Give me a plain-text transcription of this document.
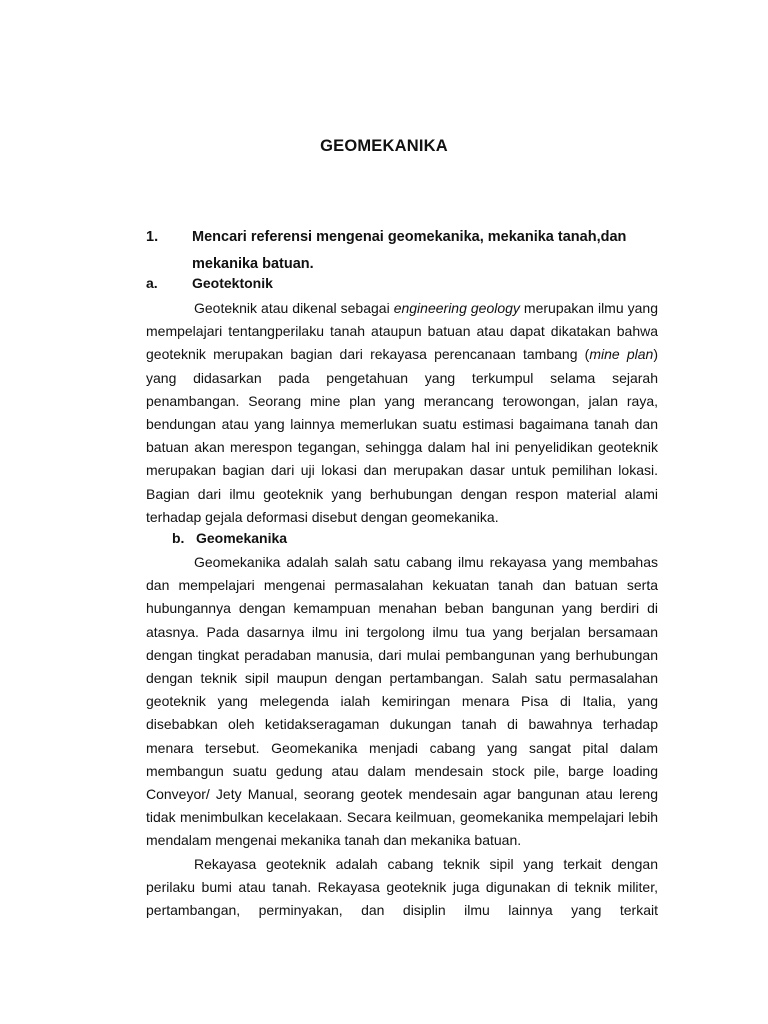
GEOMEKANIKA
1. Mencari referensi mengenai geomekanika, mekanika tanah,dan mekanika batuan.
a. Geotektonik

Geoteknik atau dikenal sebagai engineering geology merupakan ilmu yang mempelajari tentangperilaku tanah ataupun batuan atau dapat dikatakan bahwa geoteknik merupakan bagian dari rekayasa perencanaan tambang (mine plan) yang didasarkan pada pengetahuan yang terkumpul selama sejarah penambangan. Seorang mine plan yang merancang terowongan, jalan raya, bendungan atau yang lainnya memerlukan suatu estimasi bagaimana tanah dan batuan akan merespon tegangan, sehingga dalam hal ini penyelidikan geoteknik merupakan bagian dari uji lokasi dan merupakan dasar untuk pemilihan lokasi. Bagian dari ilmu geoteknik yang berhubungan dengan respon material alami terhadap gejala deformasi disebut dengan geomekanika.

b. Geomekanika

Geomekanika adalah salah satu cabang ilmu rekayasa yang membahas dan mempelajari mengenai permasalahan kekuatan tanah dan batuan serta hubungannya dengan kemampuan menahan beban bangunan yang berdiri di atasnya. Pada dasarnya ilmu ini tergolong ilmu tua yang berjalan bersamaan dengan tingkat peradaban manusia, dari mulai pembangunan yang berhubungan dengan teknik sipil maupun dengan pertambangan. Salah satu permasalahan geoteknik yang melegenda ialah kemiringan menara Pisa di Italia, yang disebabkan oleh ketidakseragaman dukungan tanah di bawahnya terhadap menara tersebut. Geomekanika menjadi cabang yang sangat pital dalam membangun suatu gedung atau dalam mendesain stock pile, barge loading Conveyor/ Jety Manual, seorang geotek mendesain agar bangunan atau lereng tidak menimbulkan kecelakaan. Secara keilmuan, geomekanika mempelajari lebih mendalam mengenai mekanika tanah dan mekanika batuan.

Rekayasa geoteknik adalah cabang teknik sipil yang terkait dengan perilaku bumi atau tanah. Rekayasa geoteknik juga digunakan di teknik militer, pertambangan, perminyakan, dan disiplin ilmu lainnya yang terkait
